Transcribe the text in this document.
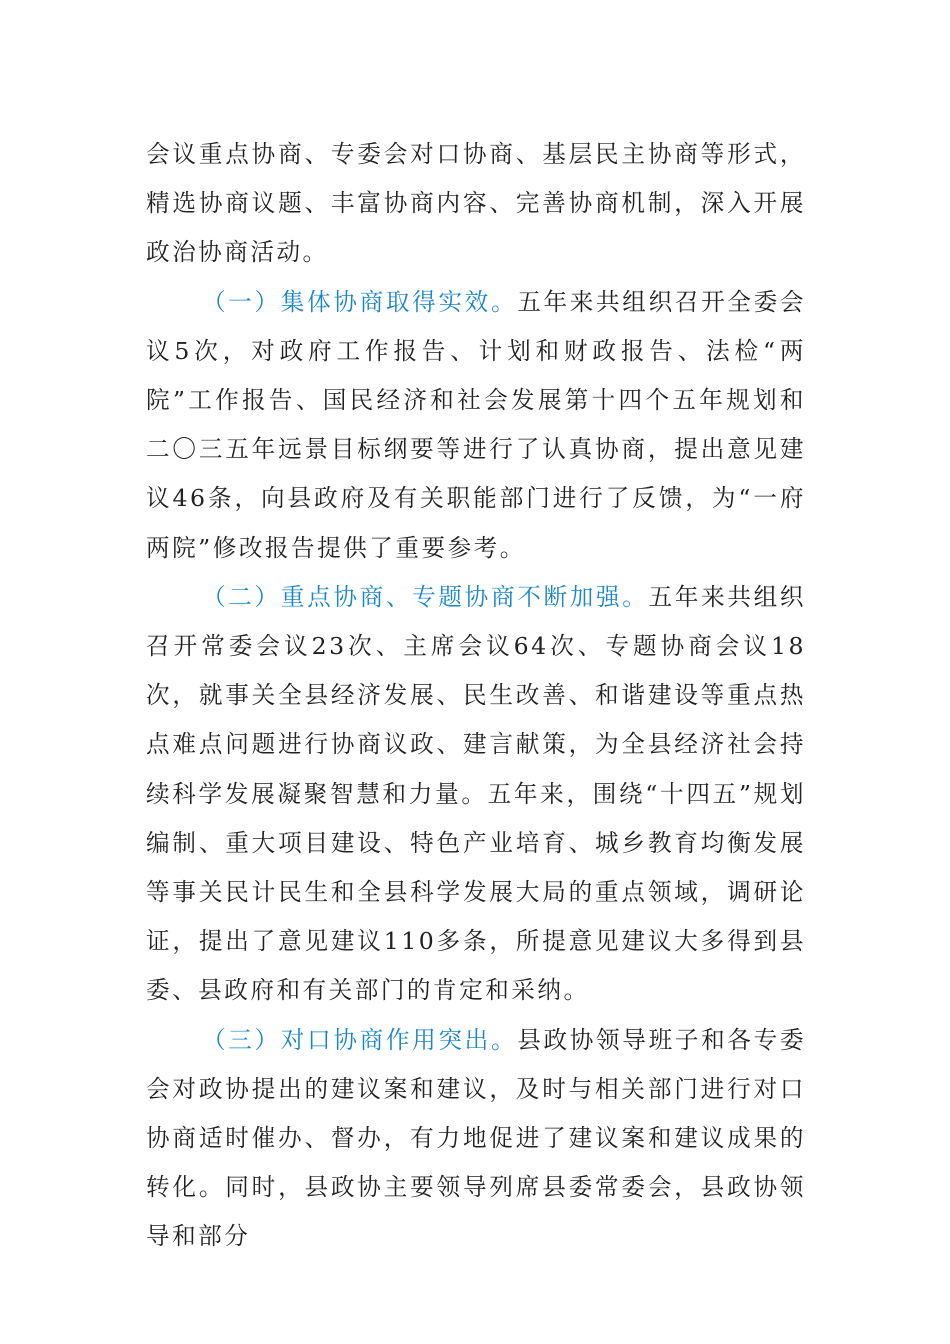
会议重点协商、专委会对口协商、基层民主协商等形式，精选协商议题、丰富协商内容、完善协商机制，深入开展政治协商活动。

（一）集体协商取得实效。五年来共组织召开全委会议5次，对政府工作报告、计划和财政报告、法检“两院”工作报告、国民经济和社会发展第十四个五年规划和二〇三五年远景目标纲要等进行了认真协商，提出意见建议46条，向县政府及有关职能部门进行了反馈，为“一府两院”修改报告提供了重要参考。

（二）重点协商、专题协商不断加强。五年来共组织召开常委会议23次、主席会议64次、专题协商会议18次，就事关全县经济发展、民生改善、和谐建设等重点热点难点问题进行协商议政、建言献策，为全县经济社会持续科学发展凝聚智慧和力量。五年来，围绕“十四五”规划编制、重大项目建设、特色产业培育、城乡教育均衡发展等事关民计民生和全县科学发展大局的重点领域，调研论证，提出了意见建议110多条，所提意见建议大多得到县委、县政府和有关部门的肯定和采纳。

（三）对口协商作用突出。县政协领导班子和各专委会对政协提出的建议案和建议，及时与相关部门进行对口协商适时催办、督办，有力地促进了建议案和建议成果的转化。同时，县政协主要领导列席县委常委会，县政协领导和部分
